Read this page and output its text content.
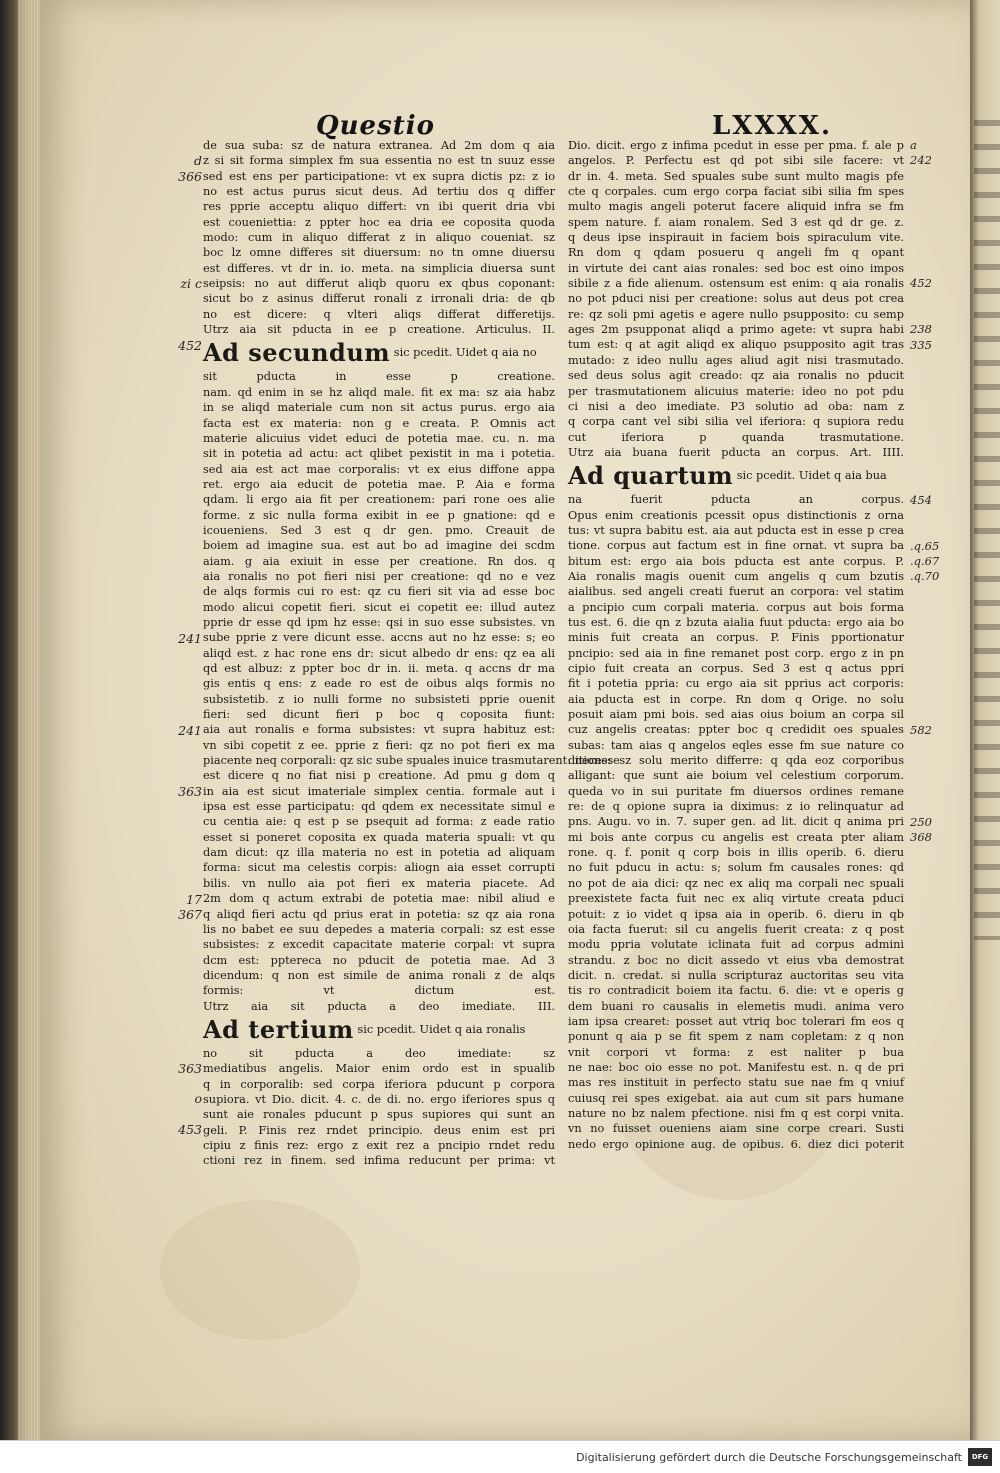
Questio	LXXXX.
de sua suba: sz de natura extranea. Ad 2m dom q aia
z si sit forma simplex fm sua essentia no est tn suuz esse
sed est ens per participatione: vt ex supra dictis pz: z io
no est actus purus sicut deus. Ad tertiu dos q differ
res pprie acceptu aliquo differt: vn ibi querit dria vbi
est coueniettia: z ppter hoc ea dria ee coposita quoda
modo: cum in aliquo differat z in aliquo coueniat. sz
boc lz omne differes sit diuersum: no tn omne diuersu
est differes. vt dr in. io. meta. na simplicia diuersa sunt
seipsis: no aut differut aliqb quoru ex qbus coponant:
sicut bo z asinus differut ronali z irronali dria: de qb
no est dicere: q vlteri aliqs differat differetijs.
Utrz aia sit pducta in ee p creatione. Articulus. II.
Ad secundum sic pcedit. Uidet q aia no
sit pducta in esse p creatione.
nam. qd enim in se hz aliqd male. fit ex ma: sz aia habz
in se aliqd materiale cum non sit actus purus. ergo aia
facta est ex materia: non g e creata. P. Omnis act
materie alicuius videt educi de potetia mae. cu. n. ma
sit in potetia ad actu: act qlibet pexistit in ma i potetia.
sed aia est act mae corporalis: vt ex eius diffone appa
ret. ergo aia educit de potetia mae. P. Aia e forma
qdam. li ergo aia fit per creationem: pari rone oes alie
forme. z sic nulla forma exibit in ee p gnatione: qd e
icoueniens. Sed 3 est q dr gen. pmo. Creauit de
boiem ad imagine sua. est aut bo ad imagine dei scdm
aiam. g aia exiuit in esse per creatione. Rn dos. q
aia ronalis no pot fieri nisi per creatione: qd no e vez
de alqs formis cui ro est: qz cu fieri sit via ad esse boc
modo alicui copetit fieri. sicut ei copetit ee: illud autez
pprie dr esse qd ipm hz esse: qsi in suo esse subsistes. vn
sube pprie z vere dicunt esse. accns aut no hz esse: s; eo
aliqd est. z hac rone ens dr: sicut albedo dr ens: qz ea ali
qd est albuz: z ppter boc dr in. ii. meta. q accns dr ma
gis entis q ens: z eade ro est de oibus alqs formis no
subsistetib. z io nulli forme no subsisteti pprie ouenit
fieri: sed dicunt fieri p boc q coposita fiunt:
aia aut ronalis e forma subsistes: vt supra habituz est:
vn sibi copetit z ee. pprie z fieri: qz no pot fieri ex ma
piacente neq corporali: qz sic sube spuales inuice trasmutarent: necesse
est dicere q no fiat nisi p creatione. Ad pmu g dom q
in aia est sicut imateriale simplex centia. formale aut i
ipsa est esse participatu: qd qdem ex necessitate simul e
cu centia aie: q est p se psequit ad forma: z eade ratio
esset si poneret coposita ex quada materia spuali: vt qu
dam dicut: qz illa materia no est in potetia ad aliquam
forma: sicut ma celestis corpis: aliogn aia esset corrupti
bilis. vn nullo aia pot fieri ex materia piacete. Ad
2m dom q actum extrabi de potetia mae: nibil aliud e
q aliqd fieri actu qd prius erat in potetia: sz qz aia rona
lis no babet ee suu depedes a materia corpali: sz est esse
subsistes: z excedit capacitate materie corpal: vt supra
dcm est: pptereca no pducit de potetia mae. Ad 3
dicendum: q non est simile de anima ronali z de alqs
formis: vt dictum est.
Utrz aia sit pducta a deo imediate. III.
Ad tertium sic pcedit. Uidet q aia ronalis
no sit pducta a deo imediate: sz
mediatibus angelis. Maior enim ordo est in spualib
q in corporalib: sed corpa iferiora pducunt p corpora
supiora. vt Dio. dicit. 4. c. de di. no. ergo iferiores spus q
sunt aie ronales pducunt p spus supiores qui sunt an
geli. P. Finis rez rndet principio. deus enim est pri
cipiu z finis rez: ergo z exit rez a pncipio rndet redu
ctioni rez in finem. sed infima reducunt per prima: vt
Dio. dicit. ergo z infima pcedut in esse per pma. f. ale p
angelos. P. Perfectu est qd pot sibi sile facere: vt
dr in. 4. meta. Sed spuales sube sunt multo magis pfe
cte q corpales. cum ergo corpa faciat sibi silia fm spes
multo magis angeli poterut facere aliquid infra se fm
spem nature. f. aiam ronalem. Sed 3 est qd dr ge. z.
q deus ipse inspirauit in faciem bois spiraculum vite.
Rn dom q qdam posueru q angeli fm q opant
in virtute dei cant aias ronales: sed boc est oino impos
sibile z a fide alienum. ostensum est enim: q aia ronalis
no pot pduci nisi per creatione: solus aut deus pot crea
re: qz soli pmi agetis e agere nullo psupposito: cu semp
ages 2m psupponat aliqd a primo agete: vt supra habi
tum est: q at agit aliqd ex aliquo psupposito agit tras
mutado: z ideo nullu ages aliud agit nisi trasmutado.
sed deus solus agit creado: qz aia ronalis no pducit
per trasmutationem alicuius materie: ideo no pot pdu
ci nisi a deo imediate. P3 solutio ad oba: nam z
q corpa cant vel sibi silia vel iferiora: q supiora redu
cut iferiora p quanda trasmutatione.
Utrz aia buana fuerit pducta an corpus. Art. IIII.
Ad quartum sic pcedit. Uidet q aia bua
na fuerit pducta an corpus.
Opus enim creationis pcessit opus distinctionis z orna
tus: vt supra babitu est. aia aut pducta est in esse p crea
tione. corpus aut factum est in fine ornat. vt supra ba
bitum est: ergo aia bois pducta est ante corpus. P.
Aia ronalis magis ouenit cum angelis q cum bzutis
aialibus. sed angeli creati fuerut an corpora: vel statim
a pncipio cum corpali materia. corpus aut bois forma
tus est. 6. die qn z bzuta aialia fuut pducta: ergo aia bo
minis fuit creata an corpus. P. Finis pportionatur
pncipio: sed aia in fine remanet post corp. ergo z in pn
cipio fuit creata an corpus. Sed 3 est q actus ppri
fit i potetia ppria: cu ergo aia sit pprius act corporis:
aia pducta est in corpe. Rn dom q Orige. no solu
posuit aiam pmi bois. sed aias oius boium an corpa sil
cuz angelis creatas: ppter boc q credidit oes spuales
subas: tam aias q angelos eqles esse fm sue nature co
ditione: sz solu merito differre: q qda eoz corporibus
alligant: que sunt aie boium vel celestium corporum.
queda vo in sui puritate fm diuersos ordines remane
re: de q opione supra ia diximus: z io relinquatur ad
pns. Augu. vo in. 7. super gen. ad lit. dicit q anima pri
mi bois ante corpus cu angelis est creata pter aliam
rone. q. f. ponit q corp bois in illis operib. 6. dieru
no fuit pducu in actu: s; solum fm causales rones: qd
no pot de aia dici: qz nec ex aliq ma corpali nec spuali
preexistete facta fuit nec ex aliq virtute creata pduci
potuit: z io videt q ipsa aia in operib. 6. dieru in qb
oia facta fuerut: sil cu angelis fuerit creata: z q post
modu ppria volutate iclinata fuit ad corpus admini
strandu. z boc no dicit assedo vt eius vba demostrat
dicit. n. credat. si nulla scripturaz auctoritas seu vita
tis ro contradicit boiem ita factu. 6. die: vt e operis g
dem buani ro causalis in elemetis mudi. anima vero
iam ipsa crearet: posset aut vtriq boc tolerari fm eos q
ponunt q aia p se fit spem z nam copletam: z q non
vnit corpori vt forma: z est naliter p bua
ne nae: boc oio esse no pot. Manifestu est. n. q de pri
mas res instituit in perfecto statu sue nae fm q vniuf
cuiusq rei spes exigebat. aia aut cum sit pars humane
nature no bz nalem pfectione. nisi fm q est corpi vnita.
vn no fuisset oueniens aiam sine corpe creari. Susti
nedo ergo opinione aug. de opibus. 6. diez dici poterit
d
366
zi c
452
241
241
363
17
367
363
o
453
a
242
452
238
335
454
.q.65
.q.67
.q.70
582
250
368
Digitalisierung gefördert durch die Deutsche Forschungsgemeinschaft	DFG
